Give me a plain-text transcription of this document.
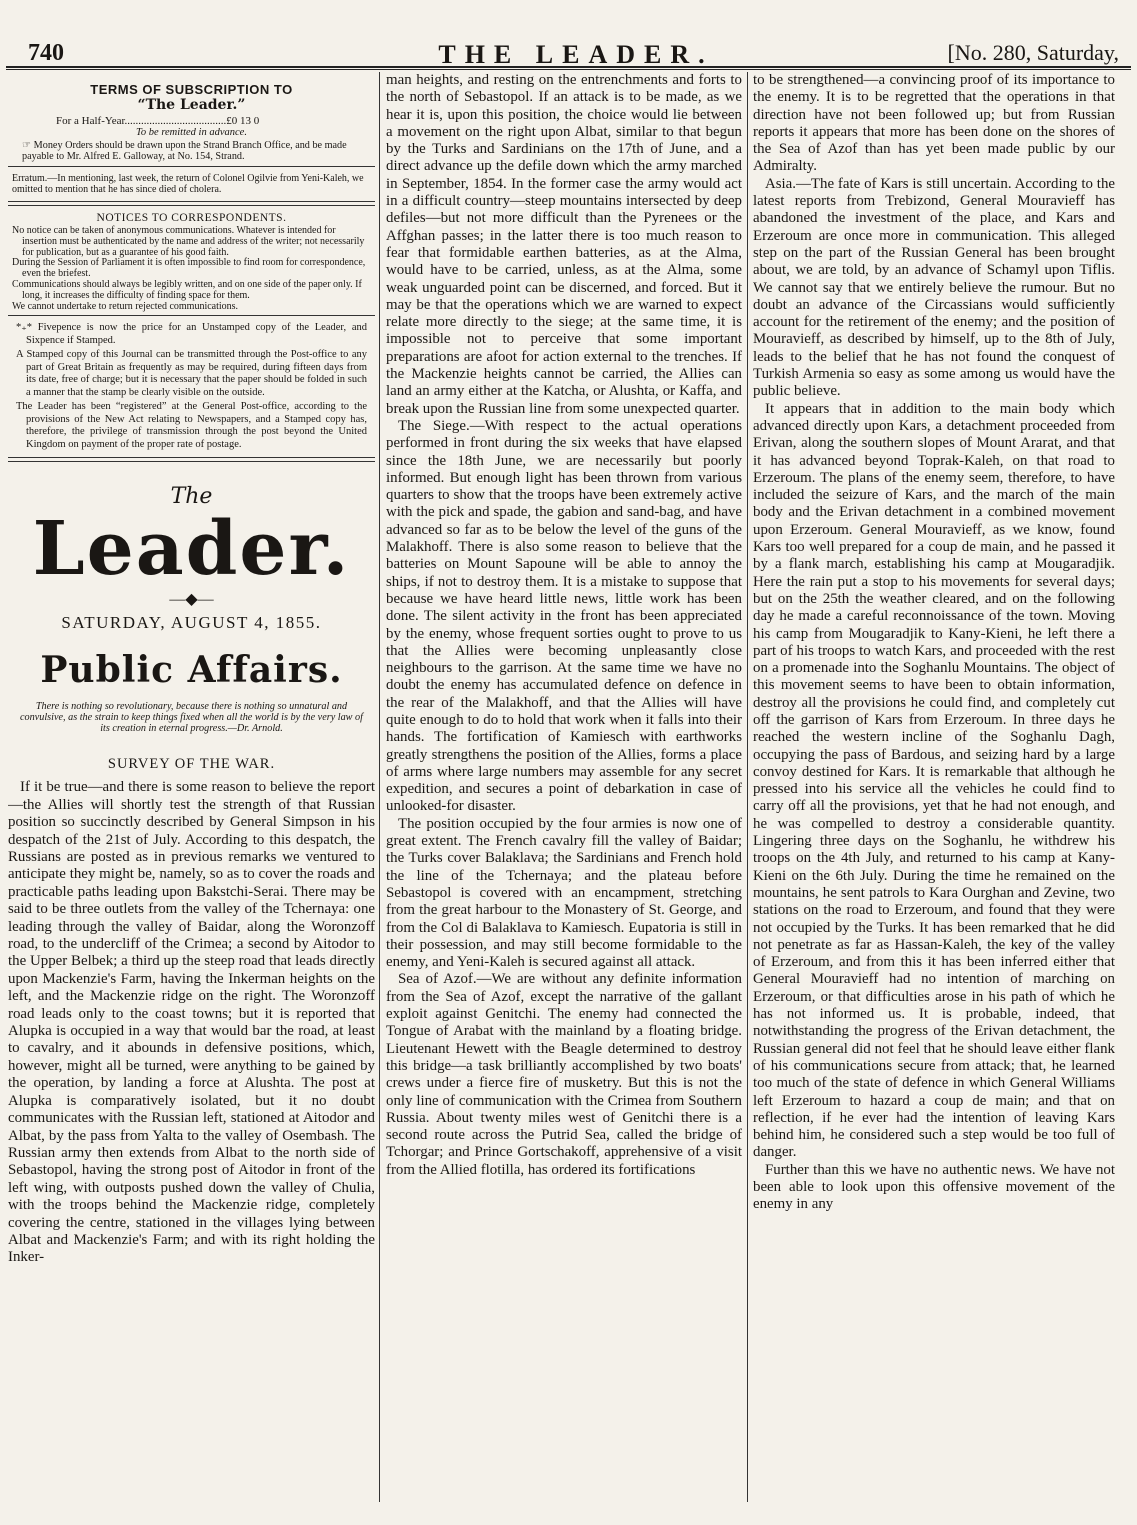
740	THE LEADER.	[No. 280, Saturday,
TERMS OF SUBSCRIPTION TO
“The Leader.”
For a Half-Year.....................................£0 13 0
To be remitted in advance.
☞ Money Orders should be drawn upon the Strand Branch Office, and be made payable to Mr. Alfred E. Galloway, at No. 154, Strand.
Erratum.—In mentioning, last week, the return of Colonel Ogilvie from Yeni-Kaleh, we omitted to mention that he has since died of cholera.
NOTICES TO CORRESPONDENTS.
No notice can be taken of anonymous communications. Whatever is intended for insertion must be authenticated by the name and address of the writer; not necessarily for publication, but as a guarantee of his good faith.
During the Session of Parliament it is often impossible to find room for correspondence, even the briefest.
Communications should always be legibly written, and on one side of the paper only. If long, it increases the difficulty of finding space for them.
We cannot undertake to return rejected communications.
*₊* Fivepence is now the price for an Unstamped copy of the Leader, and Sixpence if Stamped.
A Stamped copy of this Journal can be transmitted through the Post-office to any part of Great Britain as frequently as may be required, during fifteen days from its date, free of charge; but it is necessary that the paper should be folded in such a manner that the stamp be clearly visible on the outside.
The Leader has been “registered” at the General Post-office, according to the provisions of the New Act relating to Newspapers, and a Stamped copy has, therefore, the privilege of transmission through the post beyond the United Kingdom on payment of the proper rate of postage.
The
Leader.
—◆—
SATURDAY, AUGUST 4, 1855.
Public Affairs.
There is nothing so revolutionary, because there is nothing so unnatural and convulsive, as the strain to keep things fixed when all the world is by the very law of its creation in eternal progress.—Dr. Arnold.
SURVEY OF THE WAR.

If it be true—and there is some reason to believe the report—the Allies will shortly test the strength of that Russian position so succinctly described by General Simpson in his despatch of the 21st of July. According to this despatch, the Russians are posted as in previous remarks we ventured to anticipate they might be, namely, so as to cover the roads and practicable paths leading upon Bakstchi-Serai. There may be said to be three outlets from the valley of the Tchernaya: one leading through the valley of Baidar, along the Woronzoff road, to the undercliff of the Crimea; a second by Aitodor to the Upper Belbek; a third up the steep road that leads directly upon Mackenzie's Farm, having the Inkerman heights on the left, and the Mackenzie ridge on the right. The Woronzoff road leads only to the coast towns; but it is reported that Alupka is occupied in a way that would bar the road, at least to cavalry, and it abounds in defensive positions, which, however, might all be turned, were anything to be gained by the operation, by landing a force at Alushta. The post at Alupka is comparatively isolated, but it no doubt communicates with the Russian left, stationed at Aitodor and Albat, by the pass from Yalta to the valley of Osembash. The Russian army then extends from Albat to the north side of Sebastopol, having the strong post of Aitodor in front of the left wing, with outposts pushed down the valley of Chulia, with the troops behind the Mackenzie ridge, completely covering the centre, stationed in the villages lying between Albat and Mackenzie's Farm; and with its right holding the Inker-

man heights, and resting on the entrenchments and forts to the north of Sebastopol. If an attack is to be made, as we hear it is, upon this position, the choice would lie between a movement on the right upon Albat, similar to that begun by the Turks and Sardinians on the 17th of June, and a direct advance up the defile down which the army marched in September, 1854. In the former case the army would act in a difficult country—steep mountains intersected by deep defiles—but not more difficult than the Pyrenees or the Affghan passes; in the latter there is too much reason to fear that formidable earthen batteries, as at the Alma, would have to be carried, unless, as at the Alma, some weak unguarded point can be discerned, and forced. But it may be that the operations which we are warned to expect relate more directly to the siege; at the same time, it is impossible not to perceive that some important preparations are afoot for action external to the trenches. If the Mackenzie heights cannot be carried, the Allies can land an army either at the Katcha, or Alushta, or Kaffa, and break upon the Russian line from some unexpected quarter.

The Siege.—With respect to the actual operations performed in front during the six weeks that have elapsed since the 18th June, we are necessarily but poorly informed. But enough light has been thrown from various quarters to show that the troops have been extremely active with the pick and spade, the gabion and sand-bag, and have advanced so far as to be below the level of the guns of the Malakhoff. There is also some reason to believe that the batteries on Mount Sapoune will be able to annoy the ships, if not to destroy them. It is a mistake to suppose that because we have heard little news, little work has been done. The silent activity in the front has been appreciated by the enemy, whose frequent sorties ought to prove to us that the Allies were becoming unpleasantly close neighbours to the garrison. At the same time we have no doubt the enemy has accumulated defence on defence in the rear of the Malakhoff, and that the Allies will have quite enough to do to hold that work when it falls into their hands. The fortification of Kamiesch with earthworks greatly strengthens the position of the Allies, forms a place of arms where large numbers may assemble for any secret expedition, and secures a point of debarkation in case of unlooked-for disaster.

The position occupied by the four armies is now one of great extent. The French cavalry fill the valley of Baidar; the Turks cover Balaklava; the Sardinians and French hold the line of the Tchernaya; and the plateau before Sebastopol is covered with an encampment, stretching from the great harbour to the Monastery of St. George, and from the Col di Balaklava to Kamiesch. Eupatoria is still in their possession, and may still become formidable to the enemy, and Yeni-Kaleh is secured against all attack.

Sea of Azof.—We are without any definite information from the Sea of Azof, except the narrative of the gallant exploit against Genitchi. The enemy had connected the Tongue of Arabat with the mainland by a floating bridge. Lieutenant Hewett with the Beagle determined to destroy this bridge—a task brilliantly accomplished by two boats' crews under a fierce fire of musketry. But this is not the only line of communication with the Crimea from Southern Russia. About twenty miles west of Genitchi there is a second route across the Putrid Sea, called the bridge of Tchorgar; and Prince Gortschakoff, apprehensive of a visit from the Allied flotilla, has ordered its fortifications

to be strengthened—a convincing proof of its importance to the enemy. It is to be regretted that the operations in that direction have not been followed up; but from Russian reports it appears that more has been done on the shores of the Sea of Azof than has yet been made public by our Admiralty.

Asia.—The fate of Kars is still uncertain. According to the latest reports from Trebizond, General Mouravieff has abandoned the investment of the place, and Kars and Erzeroum are once more in communication. This alleged step on the part of the Russian General has been brought about, we are told, by an advance of Schamyl upon Tiflis. We cannot say that we entirely believe the rumour. But no doubt an advance of the Circassians would sufficiently account for the retirement of the enemy; and the position of Mouravieff, as described by himself, up to the 8th of July, leads to the belief that he has not found the conquest of Turkish Armenia so easy as some among us would have the public believe.

It appears that in addition to the main body which advanced directly upon Kars, a detachment proceeded from Erivan, along the southern slopes of Mount Ararat, and that it has advanced beyond Toprak-Kaleh, on that road to Erzeroum. The plans of the enemy seem, therefore, to have included the seizure of Kars, and the march of the main body and the Erivan detachment in a combined movement upon Erzeroum. General Mouravieff, as we know, found Kars too well prepared for a coup de main, and he passed it by a flank march, establishing his camp at Mougaradjik. Here the rain put a stop to his movements for several days; but on the 25th the weather cleared, and on the following day he made a careful reconnoissance of the town. Moving his camp from Mougaradjik to Kany-Kieni, he left there a part of his troops to watch Kars, and proceeded with the rest on a promenade into the Soghanlu Mountains. The object of this movement seems to have been to obtain information, destroy all the provisions he could find, and completely cut off the garrison of Kars from Erzeroum. In three days he reached the western incline of the Soghanlu Dagh, occupying the pass of Bardous, and seizing hard by a large convoy destined for Kars. It is remarkable that although he pressed into his service all the vehicles he could find to carry off all the provisions, yet that he had not enough, and he was compelled to destroy a considerable quantity. Lingering three days on the Soghanlu, he withdrew his troops on the 4th July, and returned to his camp at Kany-Kieni on the 6th July. During the time he remained on the mountains, he sent patrols to Kara Ourghan and Zevine, two stations on the road to Erzeroum, and found that they were not occupied by the Turks. It has been remarked that he did not penetrate as far as Hassan-Kaleh, the key of the valley of Erzeroum, and from this it has been inferred either that General Mouravieff had no intention of marching on Erzeroum, or that difficulties arose in his path of which he has not informed us. It is probable, indeed, that notwithstanding the progress of the Erivan detachment, the Russian general did not feel that he should leave either flank of his communications secure from attack; that, he learned too much of the state of defence in which General Williams left Erzeroum to hazard a coup de main; and that on reflection, if he ever had the intention of leaving Kars behind him, he considered such a step would be too full of danger.

Further than this we have no authentic news. We have not been able to look upon this offensive movement of the enemy in any
